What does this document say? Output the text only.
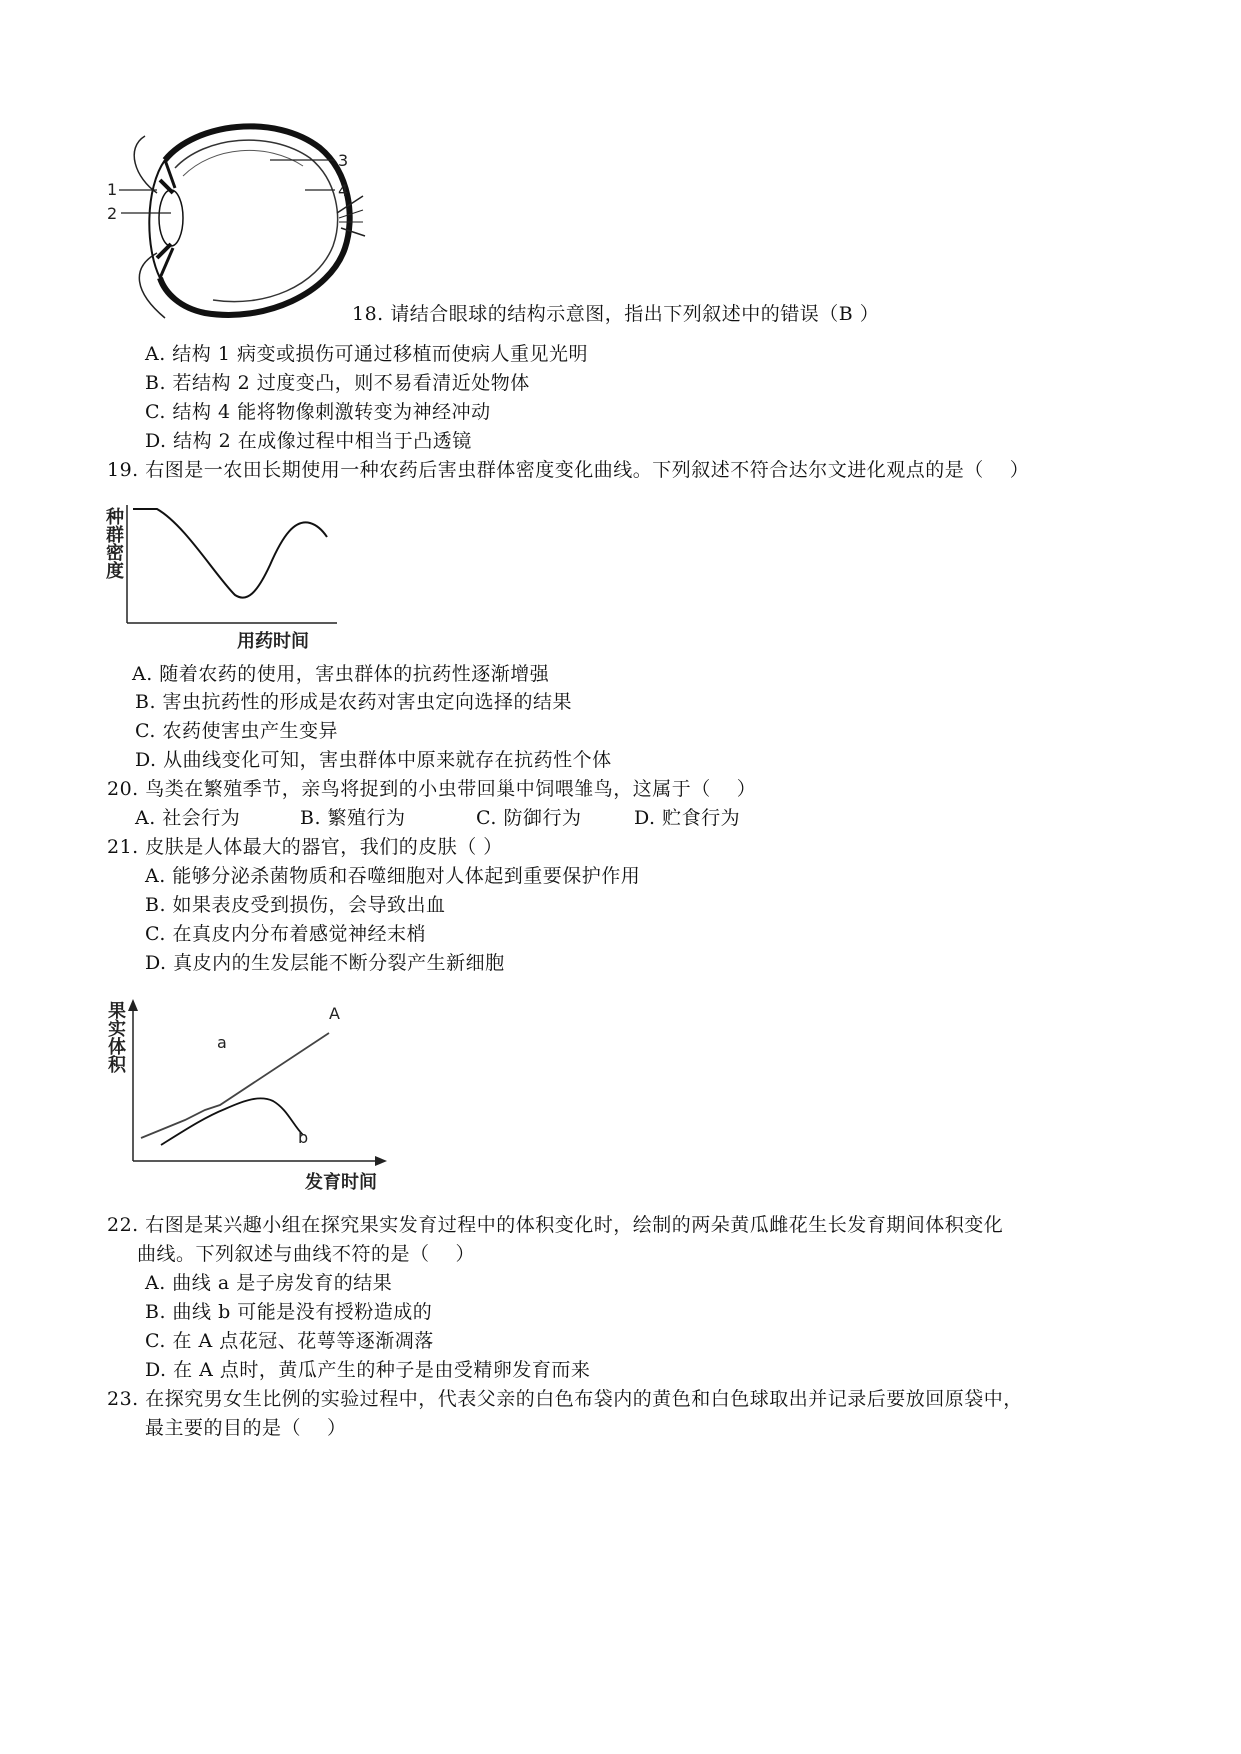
1
2
3
4
18. 请结合眼球的结构示意图，指出下列叙述中的错误（B ）
A. 结构 1 病变或损伤可通过移植而使病人重见光明
B. 若结构 2 过度变凸，则不易看清近处物体
C. 结构 4 能将物像刺激转变为神经冲动
D. 结构 2 在成像过程中相当于凸透镜
19. 右图是一农田长期使用一种农药后害虫群体密度变化曲线。下列叙述不符合达尔文进化观点的是（　 ）
种
群
密
度
用药时间
A. 随着农药的使用，害虫群体的抗药性逐渐增强
B. 害虫抗药性的形成是农药对害虫定向选择的结果
C. 农药使害虫产生变异
D. 从曲线变化可知，害虫群体中原来就存在抗药性个体
20. 鸟类在繁殖季节，亲鸟将捉到的小虫带回巢中饲喂雏鸟，这属于（　 ）
A. 社会行为	B. 繁殖行为	C. 防御行为	D. 贮食行为
21. 皮肤是人体最大的器官，我们的皮肤（ ）
A. 能够分泌杀菌物质和吞噬细胞对人体起到重要保护作用
B. 如果表皮受到损伤，会导致出血
C. 在真皮内分布着感觉神经末梢
D. 真皮内的生发层能不断分裂产生新细胞
A
a
b
果
实
体
积
发育时间
22. 右图是某兴趣小组在探究果实发育过程中的体积变化时，绘制的两朵黄瓜雌花生长发育期间体积变化
曲线。下列叙述与曲线不符的是（　 ）
A. 曲线 a 是子房发育的结果
B. 曲线 b 可能是没有授粉造成的
C. 在 A 点花冠、花萼等逐渐凋落
D. 在 A 点时，黄瓜产生的种子是由受精卵发育而来
23. 在探究男女生比例的实验过程中，代表父亲的白色布袋内的黄色和白色球取出并记录后要放回原袋中，
最主要的目的是（　 ）
